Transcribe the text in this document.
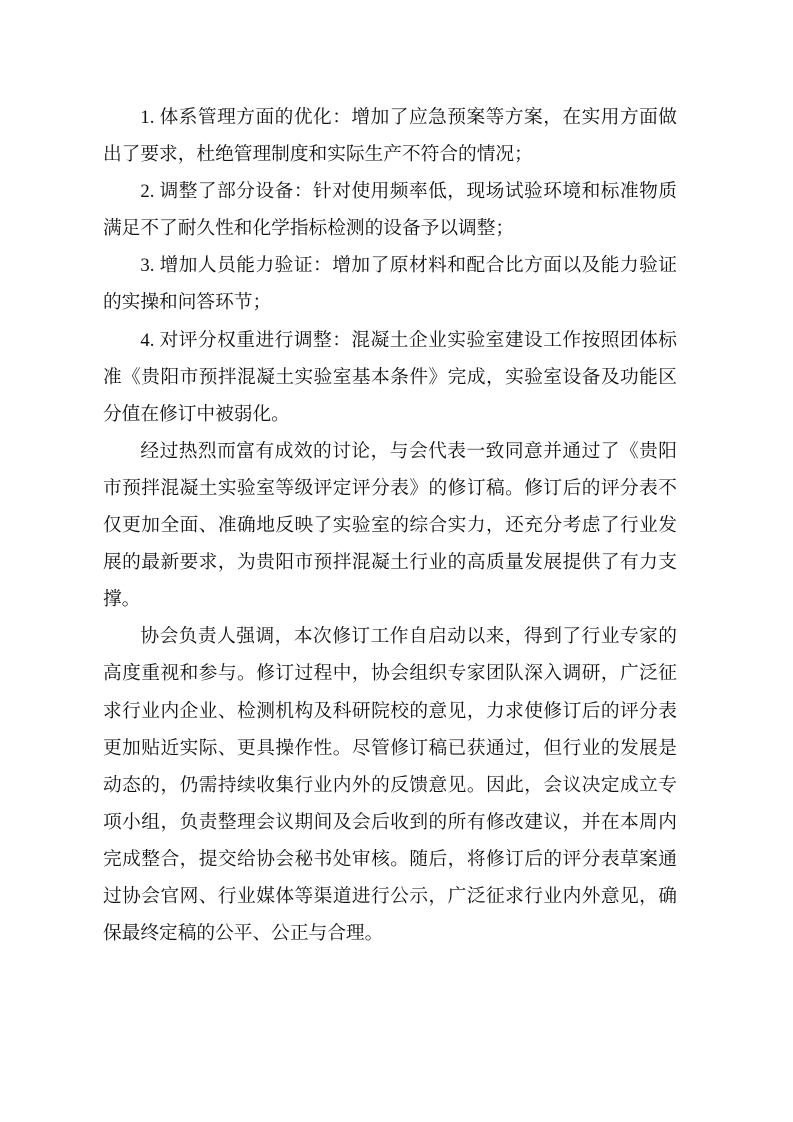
1. 体系管理方面的优化：增加了应急预案等方案，在实用方面做
出了要求，杜绝管理制度和实际生产不符合的情况；

2. 调整了部分设备：针对使用频率低，现场试验环境和标准物质
满足不了耐久性和化学指标检测的设备予以调整；

3. 增加人员能力验证：增加了原材料和配合比方面以及能力验证
的实操和问答环节；

4. 对评分权重进行调整：混凝土企业实验室建设工作按照团体标
准《贵阳市预拌混凝土实验室基本条件》完成，实验室设备及功能区
分值在修订中被弱化。

经过热烈而富有成效的讨论，与会代表一致同意并通过了《贵阳
市预拌混凝土实验室等级评定评分表》的修订稿。修订后的评分表不
仅更加全面、准确地反映了实验室的综合实力，还充分考虑了行业发
展的最新要求，为贵阳市预拌混凝土行业的高质量发展提供了有力支
撑。

协会负责人强调，本次修订工作自启动以来，得到了行业专家的
高度重视和参与。修订过程中，协会组织专家团队深入调研，广泛征
求行业内企业、检测机构及科研院校的意见，力求使修订后的评分表
更加贴近实际、更具操作性。尽管修订稿已获通过，但行业的发展是
动态的，仍需持续收集行业内外的反馈意见。因此，会议决定成立专
项小组，负责整理会议期间及会后收到的所有修改建议，并在本周内
完成整合，提交给协会秘书处审核。随后，将修订后的评分表草案通
过协会官网、行业媒体等渠道进行公示，广泛征求行业内外意见，确
保最终定稿的公平、公正与合理。
